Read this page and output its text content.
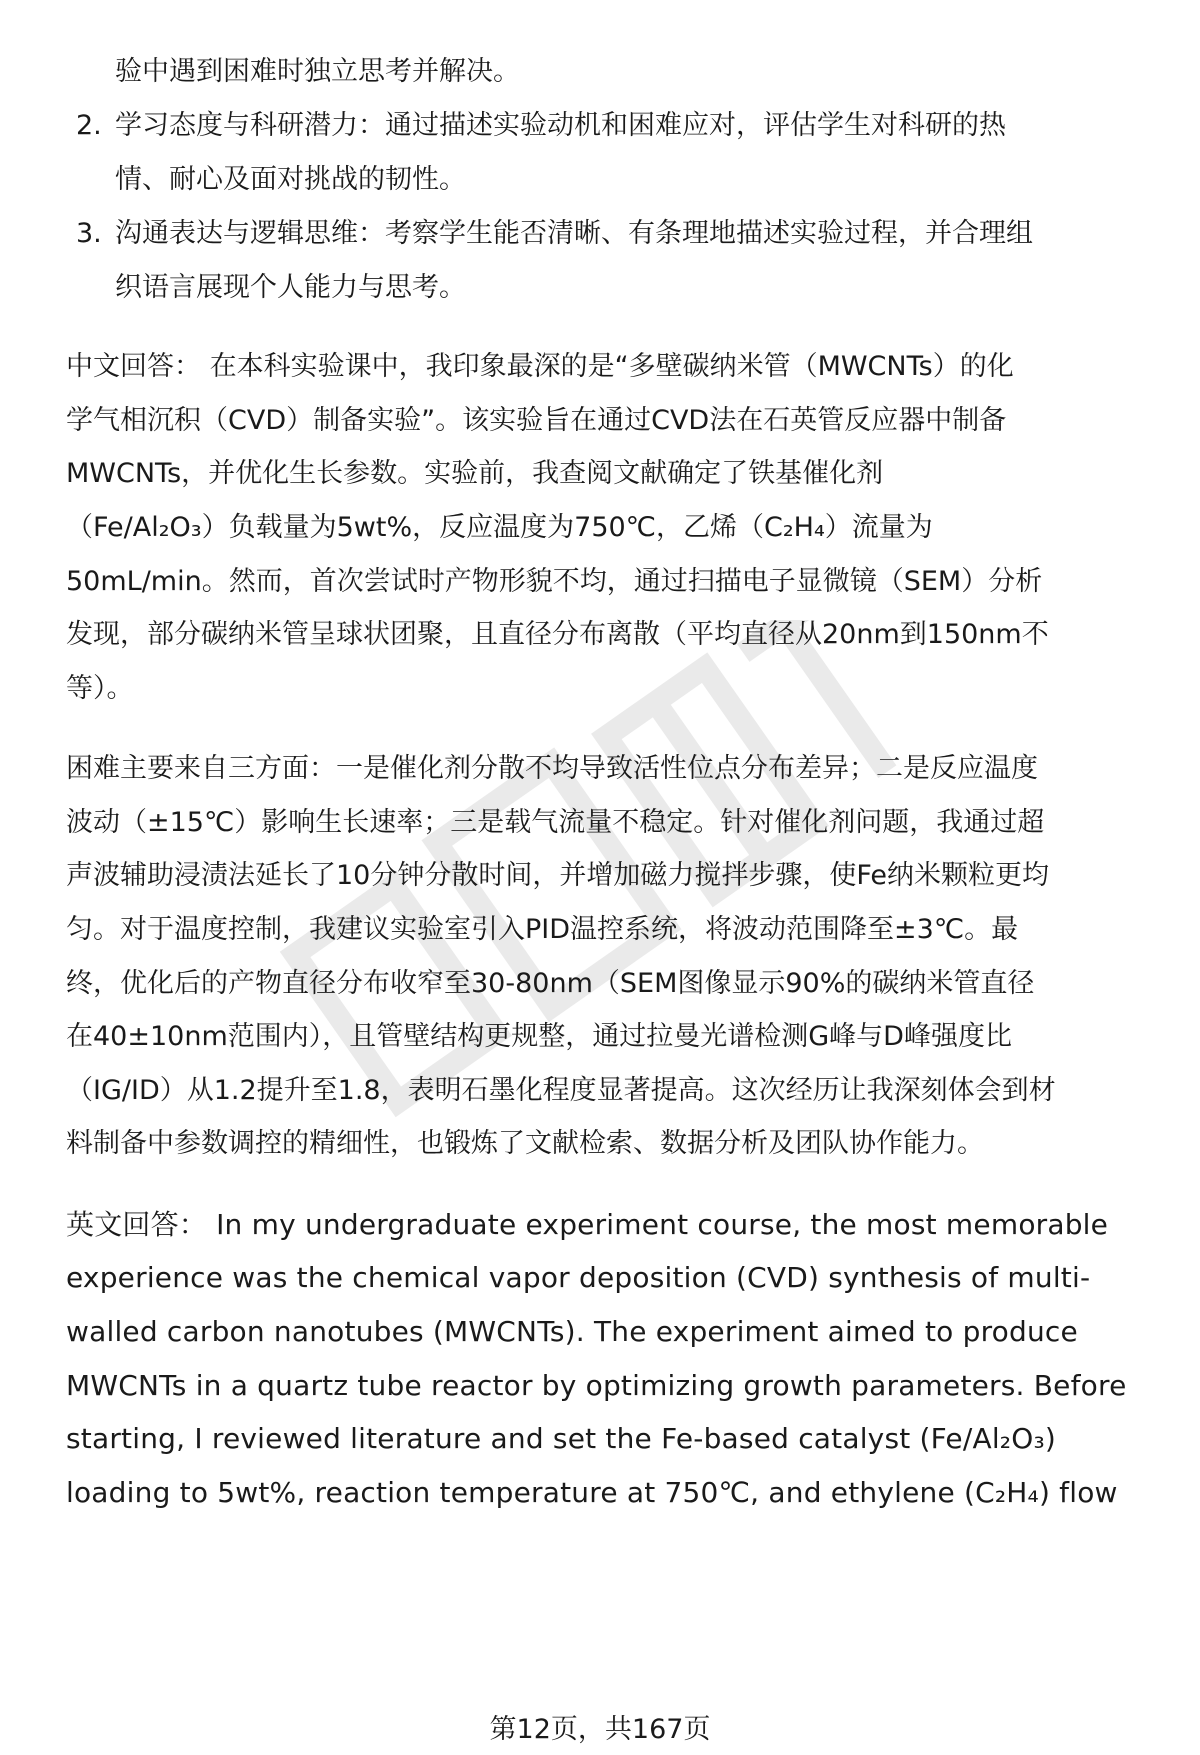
验中遇到困难时独立思考并解决。
2. 学习态度与科研潜力：通过描述实验动机和困难应对，评估学生对科研的热
情、耐心及面对挑战的韧性。
3. 沟通表达与逻辑思维：考察学生能否清晰、有条理地描述实验过程，并合理组
织语言展现个人能力与思考。
中文回答： 在本科实验课中，我印象最深的是“多壁碳纳米管（MWCNTs）的化
学气相沉积（CVD）制备实验”。该实验旨在通过CVD法在石英管反应器中制备
MWCNTs，并优化生长参数。实验前，我查阅文献确定了铁基催化剂
（Fe/Al₂O₃）负载量为5wt%，反应温度为750℃，乙烯（C₂H₄）流量为
50mL/min。然而，首次尝试时产物形貌不均，通过扫描电子显微镜（SEM）分析
发现，部分碳纳米管呈球状团聚，且直径分布离散（平均直径从20nm到150nm不
等）。
困难主要来自三方面：一是催化剂分散不均导致活性位点分布差异；二是反应温度
波动（±15℃）影响生长速率；三是载气流量不稳定。针对催化剂问题，我通过超
声波辅助浸渍法延长了10分钟分散时间，并增加磁力搅拌步骤，使Fe纳米颗粒更均
匀。对于温度控制，我建议实验室引入PID温控系统，将波动范围降至±3℃。最
终，优化后的产物直径分布收窄至30-80nm（SEM图像显示90%的碳纳米管直径
在40±10nm范围内），且管壁结构更规整，通过拉曼光谱检测G峰与D峰强度比
（IG/ID）从1.2提升至1.8，表明石墨化程度显著提高。这次经历让我深刻体会到材
料制备中参数调控的精细性，也锻炼了文献检索、数据分析及团队协作能力。
英文回答： In my undergraduate experiment course, the most memorable
experience was the chemical vapor deposition (CVD) synthesis of multi-
walled carbon nanotubes (MWCNTs). The experiment aimed to produce
MWCNTs in a quartz tube reactor by optimizing growth parameters. Before
starting, I reviewed literature and set the Fe-based catalyst (Fe/Al₂O₃)
loading to 5wt%, reaction temperature at 750℃, and ethylene (C₂H₄) flow
第12页，共167页
